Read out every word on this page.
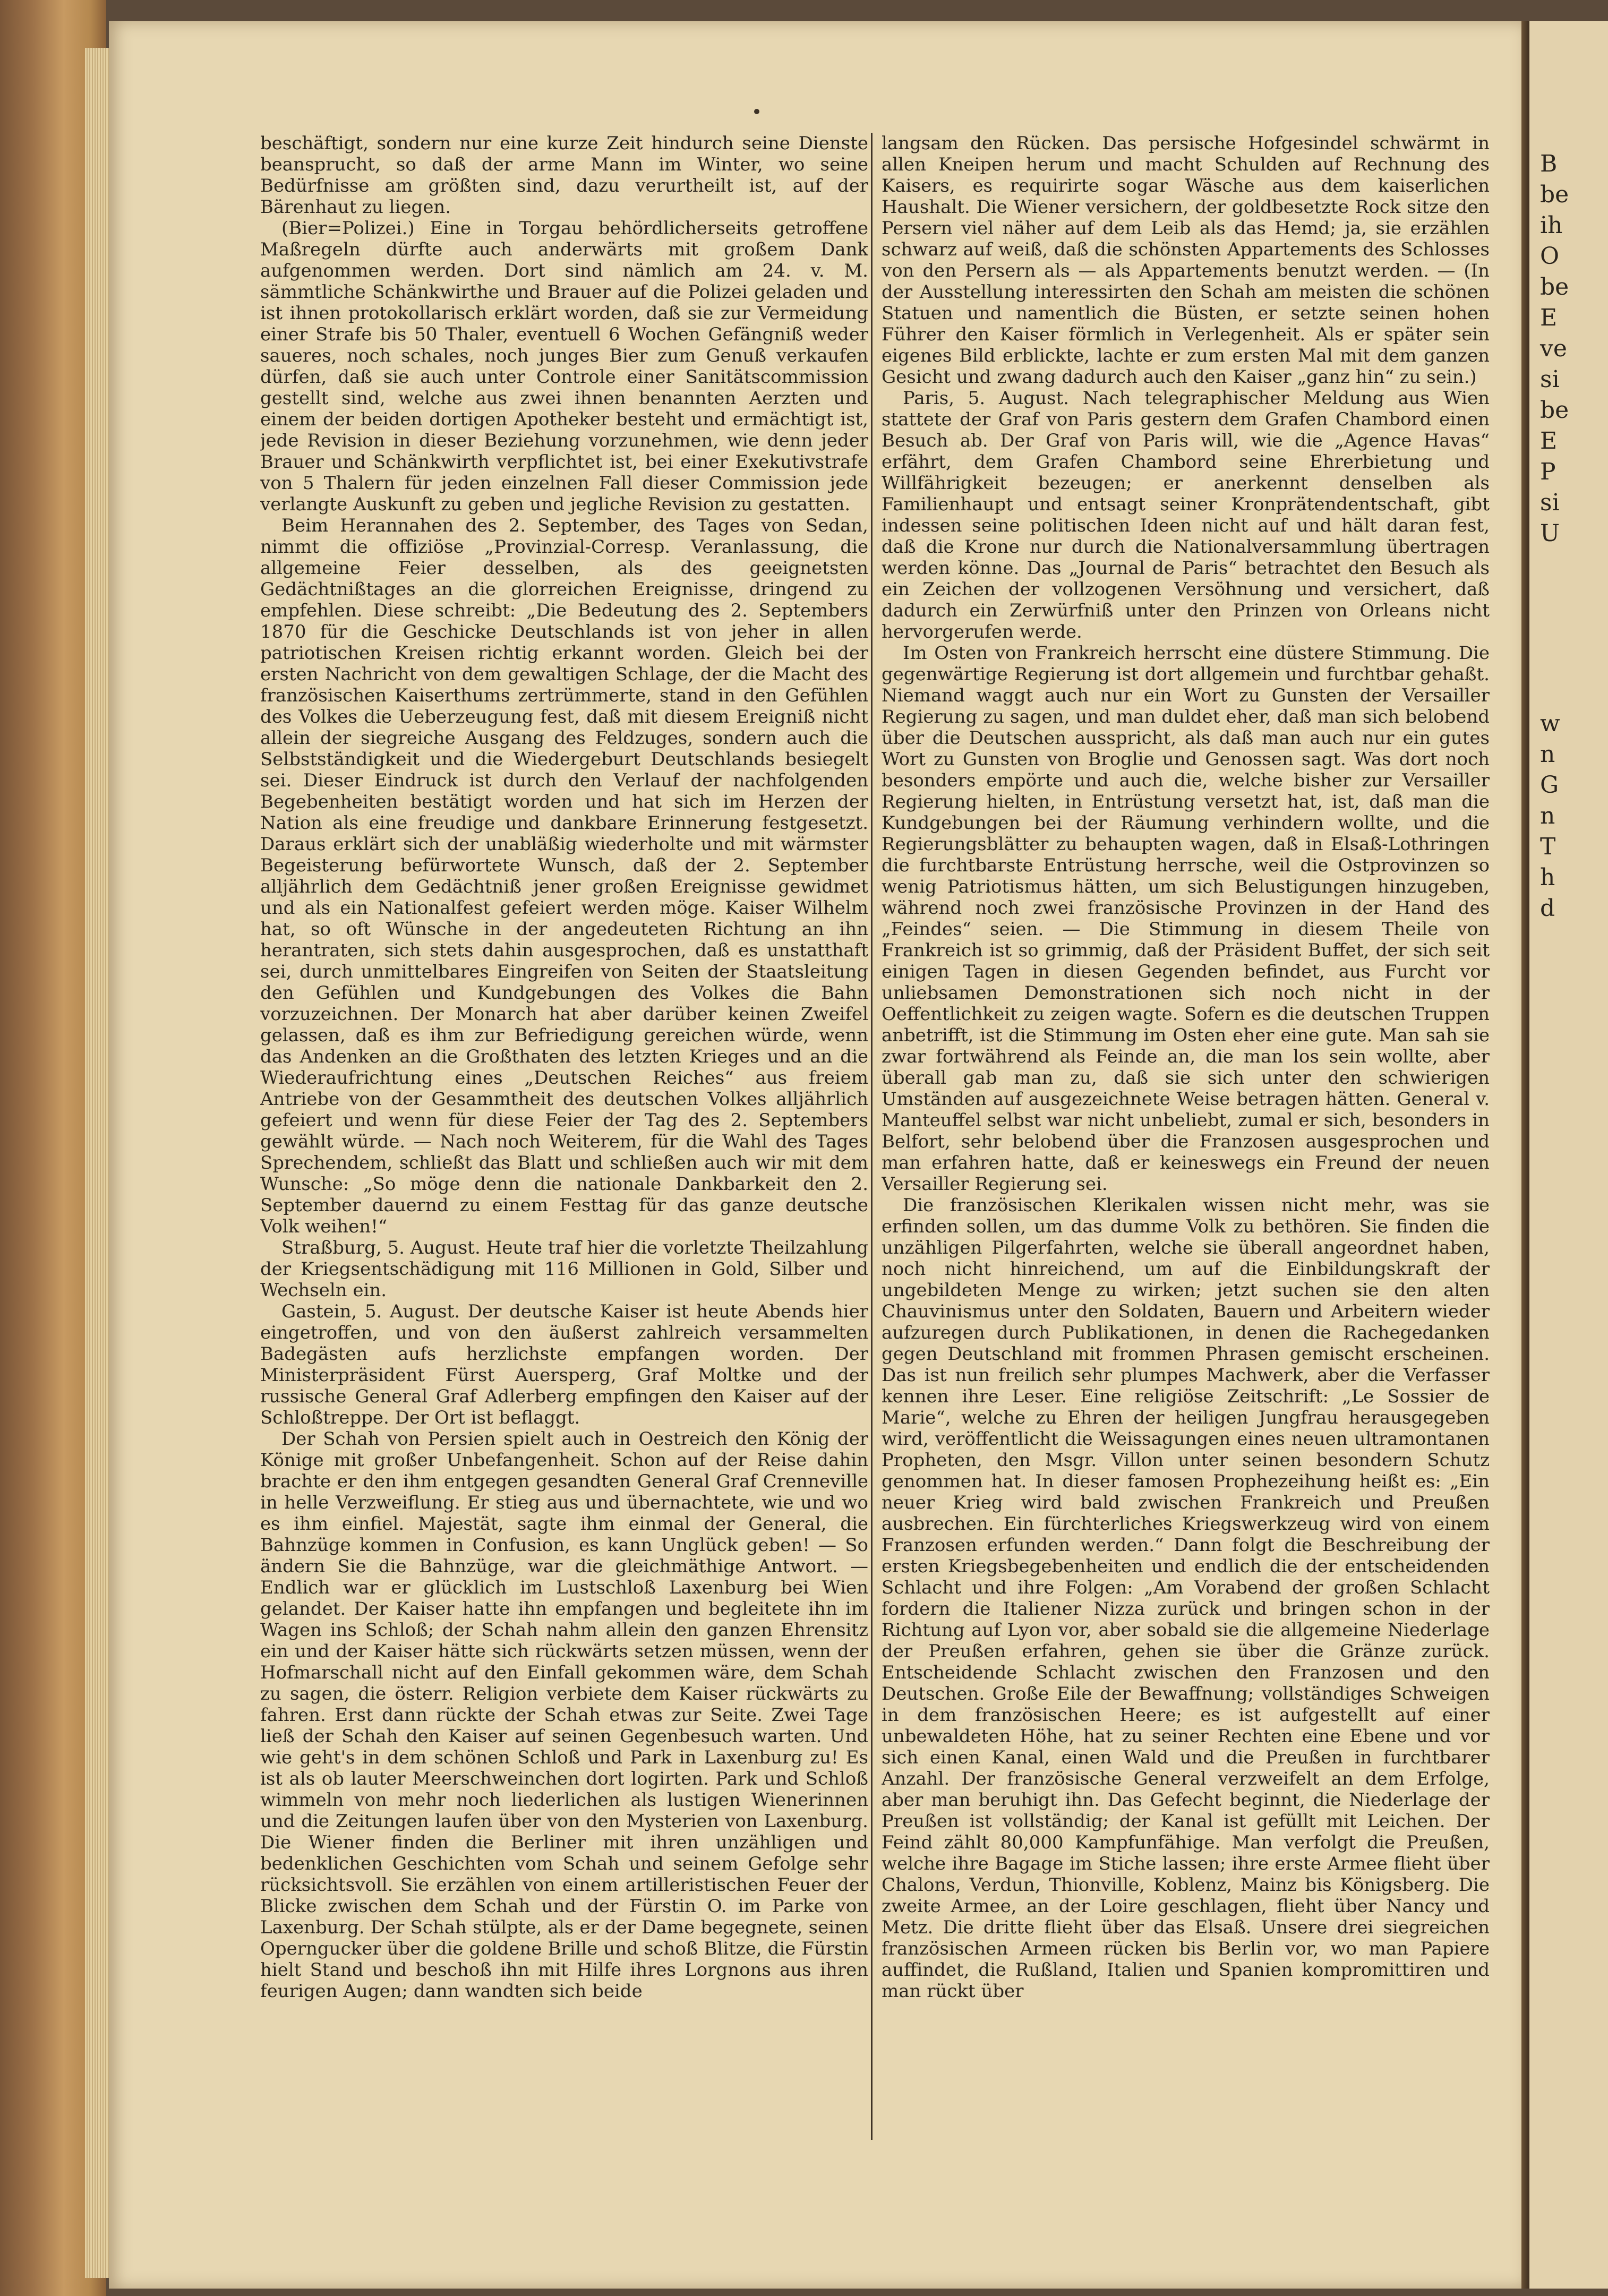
B
be
ih
O
be
E
ve
si
be
E
P
si
U
w
n
G
n
T
h
d

beschäftigt, sondern nur eine kurze Zeit hindurch seine Dienste beansprucht, so daß der arme Mann im Winter, wo seine Bedürfnisse am größten sind, dazu verurtheilt ist, auf der Bärenhaut zu liegen.

(Bier=Polizei.) Eine in Torgau behördlicherseits getroffene Maßregeln dürfte auch anderwärts mit großem Dank aufgenommen werden. Dort sind nämlich am 24. v. M. sämmtliche Schänkwirthe und Brauer auf die Polizei geladen und ist ihnen protokollarisch erklärt worden, daß sie zur Vermeidung einer Strafe bis 50 Thaler, eventuell 6 Wochen Gefängniß weder saueres, noch schales, noch junges Bier zum Genuß verkaufen dürfen, daß sie auch unter Controle einer Sanitätscommission gestellt sind, welche aus zwei ihnen benannten Aerzten und einem der beiden dortigen Apotheker besteht und ermächtigt ist, jede Revision in dieser Beziehung vorzunehmen, wie denn jeder Brauer und Schänkwirth verpflichtet ist, bei einer Exekutivstrafe von 5 Thalern für jeden einzelnen Fall dieser Commission jede verlangte Auskunft zu geben und jegliche Revision zu gestatten.

Beim Herannahen des 2. September, des Tages von Sedan, nimmt die offiziöse „Provinzial-Corresp. Veranlassung, die allgemeine Feier desselben, als des geeignetsten Gedächtnißtages an die glorreichen Ereignisse, dringend zu empfehlen. Diese schreibt: „Die Bedeutung des 2. Septembers 1870 für die Geschicke Deutschlands ist von jeher in allen patriotischen Kreisen richtig erkannt worden. Gleich bei der ersten Nachricht von dem gewaltigen Schlage, der die Macht des französischen Kaiserthums zertrümmerte, stand in den Gefühlen des Volkes die Ueberzeugung fest, daß mit diesem Ereigniß nicht allein der siegreiche Ausgang des Feldzuges, sondern auch die Selbstständigkeit und die Wiedergeburt Deutschlands besiegelt sei. Dieser Eindruck ist durch den Verlauf der nachfolgenden Begebenheiten bestätigt worden und hat sich im Herzen der Nation als eine freudige und dankbare Erinnerung festgesetzt. Daraus erklärt sich der unabläßig wiederholte und mit wärmster Begeisterung befürwortete Wunsch, daß der 2. September alljährlich dem Gedächtniß jener großen Ereignisse gewidmet und als ein Nationalfest gefeiert werden möge. Kaiser Wilhelm hat, so oft Wünsche in der angedeuteten Richtung an ihn herantraten, sich stets dahin ausgesprochen, daß es unstatthaft sei, durch unmittelbares Eingreifen von Seiten der Staatsleitung den Gefühlen und Kundgebungen des Volkes die Bahn vorzuzeichnen. Der Monarch hat aber darüber keinen Zweifel gelassen, daß es ihm zur Befriedigung gereichen würde, wenn das Andenken an die Großthaten des letzten Krieges und an die Wiederaufrichtung eines „Deutschen Reiches“ aus freiem Antriebe von der Gesammtheit des deutschen Volkes alljährlich gefeiert und wenn für diese Feier der Tag des 2. Septembers gewählt würde. — Nach noch Weiterem, für die Wahl des Tages Sprechendem, schließt das Blatt und schließen auch wir mit dem Wunsche: „So möge denn die nationale Dankbarkeit den 2. September dauernd zu einem Festtag für das ganze deutsche Volk weihen!“

Straßburg, 5. August. Heute traf hier die vorletzte Theilzahlung der Kriegsentschädigung mit 116 Millionen in Gold, Silber und Wechseln ein.

Gastein, 5. August. Der deutsche Kaiser ist heute Abends hier eingetroffen, und von den äußerst zahlreich versammelten Badegästen aufs herzlichste empfangen worden. Der Ministerpräsident Fürst Auersperg, Graf Moltke und der russische General Graf Adlerberg empfingen den Kaiser auf der Schloßtreppe. Der Ort ist beflaggt.

Der Schah von Persien spielt auch in Oestreich den König der Könige mit großer Unbefangenheit. Schon auf der Reise dahin brachte er den ihm entgegen gesandten General Graf Crenneville in helle Verzweiflung. Er stieg aus und übernachtete, wie und wo es ihm einfiel. Majestät, sagte ihm einmal der General, die Bahnzüge kommen in Confusion, es kann Unglück geben! — So ändern Sie die Bahnzüge, war die gleichmäthige Antwort. — Endlich war er glücklich im Lustschloß Laxenburg bei Wien gelandet. Der Kaiser hatte ihn empfangen und begleitete ihn im Wagen ins Schloß; der Schah nahm allein den ganzen Ehrensitz ein und der Kaiser hätte sich rückwärts setzen müssen, wenn der Hofmarschall nicht auf den Einfall gekommen wäre, dem Schah zu sagen, die österr. Religion verbiete dem Kaiser rückwärts zu fahren. Erst dann rückte der Schah etwas zur Seite. Zwei Tage ließ der Schah den Kaiser auf seinen Gegenbesuch warten. Und wie geht's in dem schönen Schloß und Park in Laxenburg zu! Es ist als ob lauter Meerschweinchen dort logirten. Park und Schloß wimmeln von mehr noch liederlichen als lustigen Wienerinnen und die Zeitungen laufen über von den Mysterien von Laxenburg. Die Wiener finden die Berliner mit ihren unzähligen und bedenklichen Geschichten vom Schah und seinem Gefolge sehr rücksichtsvoll. Sie erzählen von einem artilleristischen Feuer der Blicke zwischen dem Schah und der Fürstin O. im Parke von Laxenburg. Der Schah stülpte, als er der Dame begegnete, seinen Operngucker über die goldene Brille und schoß Blitze, die Fürstin hielt Stand und beschoß ihn mit Hilfe ihres Lorgnons aus ihren feurigen Augen; dann wandten sich beide

langsam den Rücken. Das persische Hofgesindel schwärmt in allen Kneipen herum und macht Schulden auf Rechnung des Kaisers, es requirirte sogar Wäsche aus dem kaiserlichen Haushalt. Die Wiener versichern, der goldbesetzte Rock sitze den Persern viel näher auf dem Leib als das Hemd; ja, sie erzählen schwarz auf weiß, daß die schönsten Appartements des Schlosses von den Persern als — als Appartements benutzt werden. — (In der Ausstellung interessirten den Schah am meisten die schönen Statuen und namentlich die Büsten, er setzte seinen hohen Führer den Kaiser förmlich in Verlegenheit. Als er später sein eigenes Bild erblickte, lachte er zum ersten Mal mit dem ganzen Gesicht und zwang dadurch auch den Kaiser „ganz hin“ zu sein.)

Paris, 5. August. Nach telegraphischer Meldung aus Wien stattete der Graf von Paris gestern dem Grafen Chambord einen Besuch ab. Der Graf von Paris will, wie die „Agence Havas“ erfährt, dem Grafen Chambord seine Ehrerbietung und Willfährigkeit bezeugen; er anerkennt denselben als Familienhaupt und entsagt seiner Kronprätendentschaft, gibt indessen seine politischen Ideen nicht auf und hält daran fest, daß die Krone nur durch die Nationalversammlung übertragen werden könne. Das „Journal de Paris“ betrachtet den Besuch als ein Zeichen der vollzogenen Versöhnung und versichert, daß dadurch ein Zerwürfniß unter den Prinzen von Orleans nicht hervorgerufen werde.

Im Osten von Frankreich herrscht eine düstere Stimmung. Die gegenwärtige Regierung ist dort allgemein und furchtbar gehaßt. Niemand waggt auch nur ein Wort zu Gunsten der Versailler Regierung zu sagen, und man duldet eher, daß man sich belobend über die Deutschen ausspricht, als daß man auch nur ein gutes Wort zu Gunsten von Broglie und Genossen sagt. Was dort noch besonders empörte und auch die, welche bisher zur Versailler Regierung hielten, in Entrüstung versetzt hat, ist, daß man die Kundgebungen bei der Räumung verhindern wollte, und die Regierungsblätter zu behaupten wagen, daß in Elsaß-Lothringen die furchtbarste Entrüstung herrsche, weil die Ostprovinzen so wenig Patriotismus hätten, um sich Belustigungen hinzugeben, während noch zwei französische Provinzen in der Hand des „Feindes“ seien. — Die Stimmung in diesem Theile von Frankreich ist so grimmig, daß der Präsident Buffet, der sich seit einigen Tagen in diesen Gegenden befindet, aus Furcht vor unliebsamen Demonstrationen sich noch nicht in der Oeffentlichkeit zu zeigen wagte. Sofern es die deutschen Truppen anbetrifft, ist die Stimmung im Osten eher eine gute. Man sah sie zwar fortwährend als Feinde an, die man los sein wollte, aber überall gab man zu, daß sie sich unter den schwierigen Umständen auf ausgezeichnete Weise betragen hätten. General v. Manteuffel selbst war nicht unbeliebt, zumal er sich, besonders in Belfort, sehr belobend über die Franzosen ausgesprochen und man erfahren hatte, daß er keineswegs ein Freund der neuen Versailler Regierung sei.

Die französischen Klerikalen wissen nicht mehr, was sie erfinden sollen, um das dumme Volk zu bethören. Sie finden die unzähligen Pilgerfahrten, welche sie überall angeordnet haben, noch nicht hinreichend, um auf die Einbildungskraft der ungebildeten Menge zu wirken; jetzt suchen sie den alten Chauvinismus unter den Soldaten, Bauern und Arbeitern wieder aufzuregen durch Publikationen, in denen die Rachegedanken gegen Deutschland mit frommen Phrasen gemischt erscheinen. Das ist nun freilich sehr plumpes Machwerk, aber die Verfasser kennen ihre Leser. Eine religiöse Zeitschrift: „Le Sossier de Marie“, welche zu Ehren der heiligen Jungfrau herausgegeben wird, veröffentlicht die Weissagungen eines neuen ultramontanen Propheten, den Msgr. Villon unter seinen besondern Schutz genommen hat. In dieser famosen Prophezeihung heißt es: „Ein neuer Krieg wird bald zwischen Frankreich und Preußen ausbrechen. Ein fürchterliches Kriegswerkzeug wird von einem Franzosen erfunden werden.“ Dann folgt die Beschreibung der ersten Kriegsbegebenheiten und endlich die der entscheidenden Schlacht und ihre Folgen: „Am Vorabend der großen Schlacht fordern die Italiener Nizza zurück und bringen schon in der Richtung auf Lyon vor, aber sobald sie die allgemeine Niederlage der Preußen erfahren, gehen sie über die Gränze zurück. Entscheidende Schlacht zwischen den Franzosen und den Deutschen. Große Eile der Bewaffnung; vollständiges Schweigen in dem französischen Heere; es ist aufgestellt auf einer unbewaldeten Höhe, hat zu seiner Rechten eine Ebene und vor sich einen Kanal, einen Wald und die Preußen in furchtbarer Anzahl. Der französische General verzweifelt an dem Erfolge, aber man beruhigt ihn. Das Gefecht beginnt, die Niederlage der Preußen ist vollständig; der Kanal ist gefüllt mit Leichen. Der Feind zählt 80,000 Kampfunfähige. Man verfolgt die Preußen, welche ihre Bagage im Stiche lassen; ihre erste Armee flieht über Chalons, Verdun, Thionville, Koblenz, Mainz bis Königsberg. Die zweite Armee, an der Loire geschlagen, flieht über Nancy und Metz. Die dritte flieht über das Elsaß. Unsere drei siegreichen französischen Armeen rücken bis Berlin vor, wo man Papiere auffindet, die Rußland, Italien und Spanien kompromittiren und man rückt über
